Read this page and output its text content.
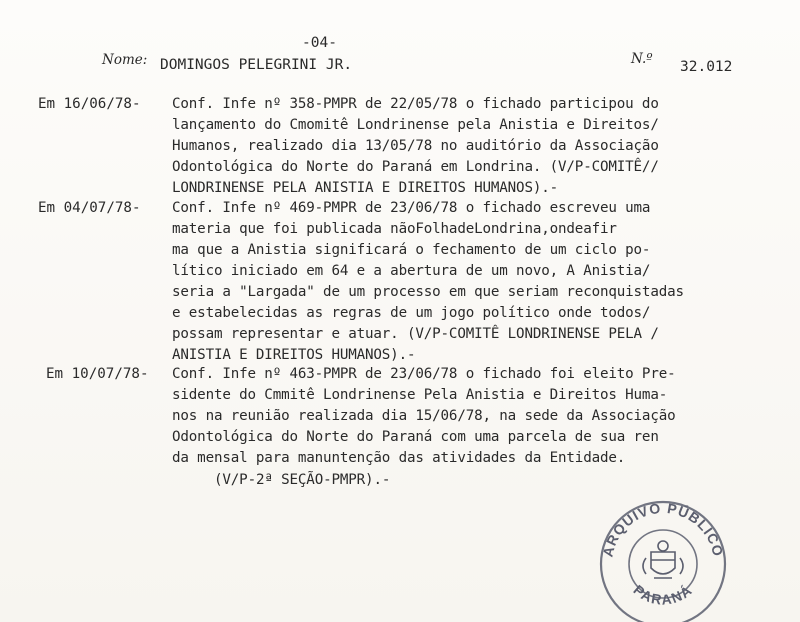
-04-
Nome: DOMINGOS PELEGRINI JR.	N.º 32.012
Em 16/06/78- Conf. Infe nº 358-PMPR de 22/05/78 o fichado participou do
lançamento do Cmomitê Londrinense pela Anistia e Direitos/
Humanos, realizado dia 13/05/78 no auditório da Associação
Odontológica do Norte do Paraná em Londrina. (V/P-COMITÊ//
LONDRINENSE PELA ANISTIA E DIREITOS HUMANOS).-
Em 04/07/78- Conf. Infe nº 469-PMPR de 23/06/78 o fichado escreveu uma
materia que foi publicada nãoFolhadeLondrina,ondeafir
ma que a Anistia significará o fechamento de um ciclo po-
lítico iniciado em 64 e a abertura de um novo, A Anistia/
seria a "Largada" de um processo em que seriam reconquistadas
e estabelecidas as regras de um jogo político onde todos/
possam representar e atuar. (V/P-COMITÊ LONDRINENSE PELA /
ANISTIA E DIREITOS HUMANOS).-
Em 10/07/78- Conf. Infe nº 463-PMPR de 23/06/78 o fichado foi eleito Pre-
sidente do Cmmitê Londrinense Pela Anistia e Direitos Huma-
nos na reunião realizada dia 15/06/78, na sede da Associação
Odontológica do Norte do Paraná com uma parcela de sua ren
da mensal para manuntenção das atividades da Entidade.
(V/P-2ª SEÇÃO-PMPR).-
ARQUIVO PÚBLICO
PARANÁ
